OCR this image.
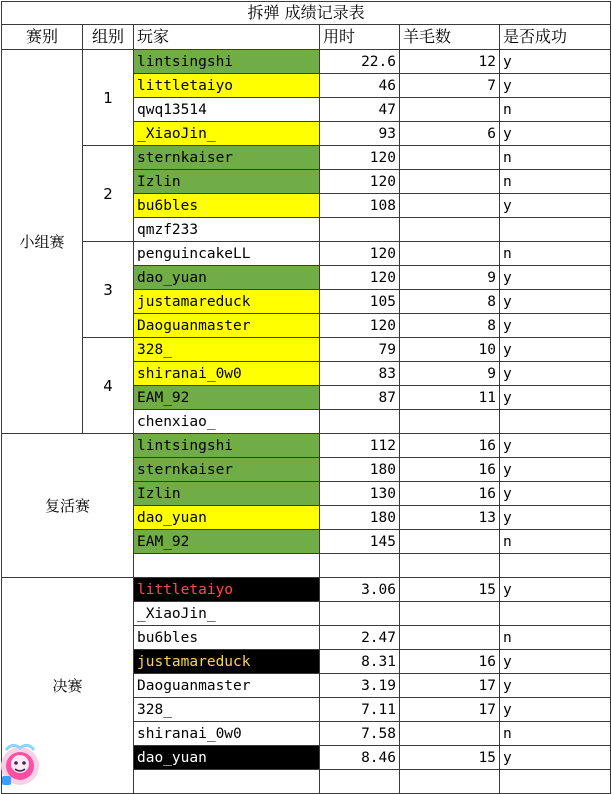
拆弹 成绩记录表					
赛别	组别	玩家	用时	羊毛数	是否成功
小组赛	1	lintsingshi	22.6	12	y
		littletaiyo	46	7	y
		qwq13514	47		n
		_XiaoJin_	93	6	y
	2	sternkaiser	120		n
		Izlin	120		n
		bu6bles	108		y
		qmzf233			
	3	penguincakeLL	120		n
		dao_yuan	120	9	y
		justamareduck	105	8	y
		Daoguanmaster	120	8	y
	4	328_	79	10	y
		shiranai_0w0	83	9	y
		EAM_92	87	11	y
		chenxiao_			
复活赛		lintsingshi	112	16	y
		sternkaiser	180	16	y
		Izlin	130	16	y
		dao_yuan	180	13	y
		EAM_92	145		n

决赛		littletaiyo	3.06	15	y
		_XiaoJin_			
		bu6bles	2.47		n
		justamareduck	8.31	16	y
		Daoguanmaster	3.19	17	y
		328_	7.11	17	y
		shiranai_0w0	7.58		n
		dao_yuan	8.46	15	y
